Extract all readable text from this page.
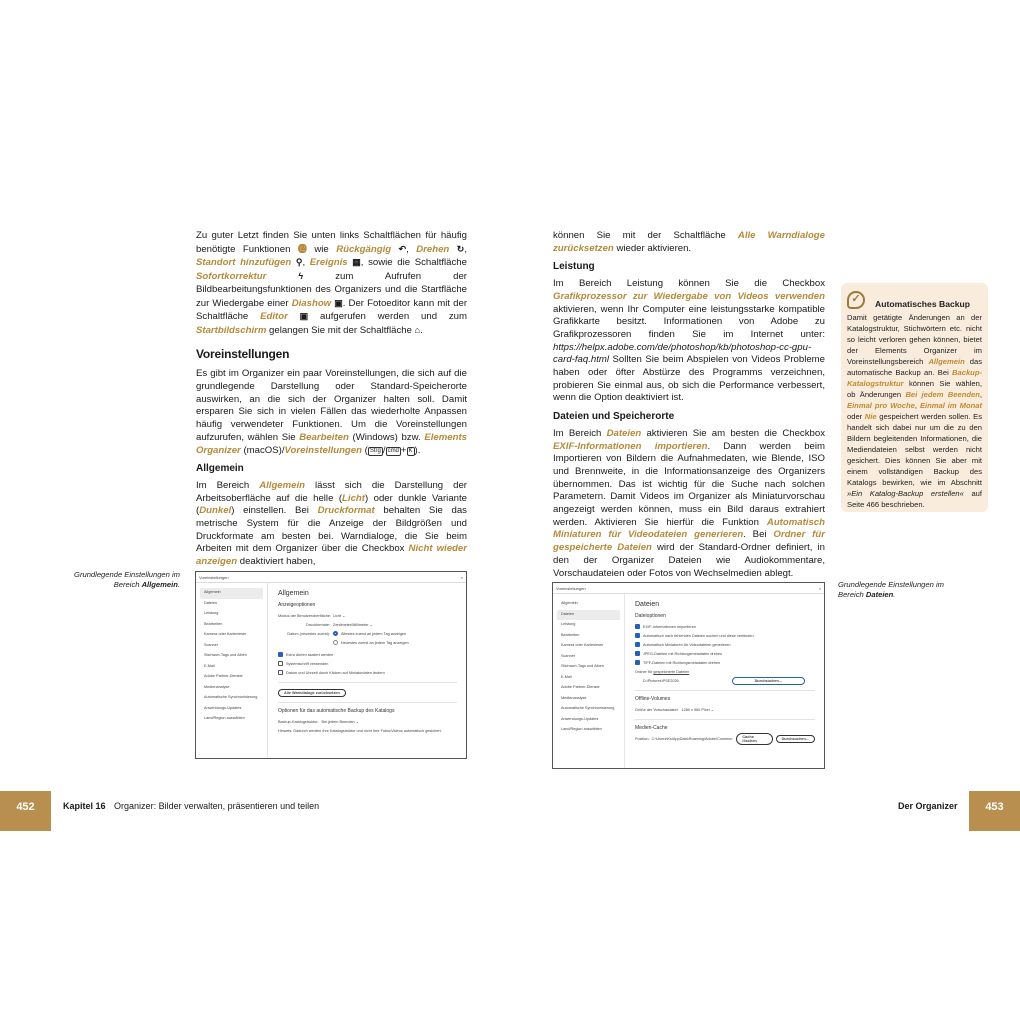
Zu guter Letzt finden Sie unten links Schaltflächen für häufig benötigte Funktionen ⓬ wie Rückgängig ↶, Drehen ↻, Standort hinzufügen ⚲, Ereignis ▦, sowie die Schaltfläche Sofortkorrektur	ϟ zum Aufrufen der Bildbearbeitungsfunktionen des Organizers und die Startfläche zur Wiedergabe einer Diashow ▣. Der Fotoeditor kann mit der Schaltfläche Editor ▣ aufgerufen werden und zum Startbildschirm gelangen Sie mit der Schaltfläche ⌂.

Voreinstellungen

Es gibt im Organizer ein paar Voreinstellungen, die sich auf die grundlegende Darstellung oder Standard-Speicherorte auswirken, an die sich der Organizer halten soll. Damit ersparen Sie sich in vielen Fällen das wiederholte Anpassen häufig verwendeter Funktionen. Um die Voreinstellungen aufzurufen, wählen Sie Bearbeiten (Windows) bzw. Elements Organizer (macOS)/Voreinstellungen ( Strg / cmd + K ).

Allgemein

Im Bereich Allgemein lässt sich die Darstellung der Arbeitsoberfläche auf die helle (Licht) oder dunkle Variante (Dunkel) einstellen. Bei Druckformat behalten Sie das metrische System für die Anzeige der Bildgrößen und Druckformate am besten bei. Warndialoge, die Sie beim Arbeiten mit dem Organizer über die Checkbox Nicht wieder anzeigen deaktiviert haben,

Grundlegende Einstellungen im Bereich Allgemein.
Voreinstellungen	×
Allgemein
Dateien
Leistung
Bearbeiten
Kamera oder Kartenleser
Scanner
Stichwort-Tags und Alben
E-Mail
Adobe Partner-Dienste
Medienanalyse
Automatische Synchronisierung
Anwendungs-Updates
Land/Region auswählen
Allgemein
Anzeigeoptionen
Modus der Benutzeroberfläche: Licht ⌄
Druckformate: Zentimeter/Millimeter ⌄
Datum (neuestes zuerst):	Ältestes zuerst an jedem Tag anzeigen
Neuestes zuerst an jedem Tag anzeigen
Extra dürfen skaliert werden
Systemschrift verwenden
Datum und Uhrzeit durch Klicken auf Miniaturdaten ändern
Alle Warndialoge zurücksetzen
Optionen für das automatische Backup des Katalogs
Backup-Katalogstruktur: Bei jedem Beenden ⌄
Hinweis: Dadurch werden Ihre Katalogstruktur und nicht Ihre Fotos/Videos automatisch gesichert.

können Sie mit der Schaltfläche Alle Warndialoge zurücksetzen wieder aktivieren.

Leistung

Im Bereich Leistung können Sie die Checkbox Grafikprozessor zur Wiedergabe von Videos verwenden aktivieren, wenn Ihr Computer eine leistungsstarke kompatible Grafikkarte besitzt. Informationen von Adobe zu Grafikprozessoren finden Sie im Internet unter: https://helpx.adobe.com/de/photoshop/kb/photoshop-cc-gpu-card-faq.html Sollten Sie beim Abspielen von Videos Probleme haben oder öfter Abstürze des Programms verzeichnen, probieren Sie einmal aus, ob sich die Performance verbessert, wenn die Option deaktiviert ist.

Dateien und Speicherorte

Im Bereich Dateien aktivieren Sie am besten die Checkbox EXIF-Informationen importieren. Dann werden beim Importieren von Bildern die Aufnahmedaten, wie Blende, ISO und Brennweite, in die Informationsanzeige des Organizers übernommen. Das ist wichtig für die Suche nach solchen Parametern. Damit Videos im Organizer als Miniaturvorschau angezeigt werden können, muss ein Bild daraus extrahiert werden. Aktivieren Sie hierfür die Funktion Automatisch Miniaturen für Videodateien generieren. Bei Ordner für gespeicherte Dateien wird der Standard-Ordner definiert, in den der Organizer Dateien wie Audiokommentare, Vorschaudateien oder Fotos von Wechselmedien ablegt.

✓	Automatisches Backup
Damit getätigte Änderungen an der Katalogstruktur, Stichwörtern etc. nicht so leicht verloren gehen können, bietet der Elements Organizer im Voreinstellungsbereich Allgemein das automatische Backup an. Bei Backup-Katalogstruktur können Sie wählen, ob Änderungen Bei jedem Beenden, Einmal pro Woche, Einmal im Monat oder Nie gespeichert werden sollen. Es handelt sich dabei nur um die zu den Bildern begleitenden Informationen, die Mediendateien selbst werden nicht gesichert. Dies können Sie aber mit einem vollständigen Backup des Katalogs bewirken, wie im Abschnitt »Ein Katalog-Backup erstellen« auf Seite 466 beschrieben.
Grundlegende Einstellungen im Bereich Dateien.
Voreinstellungen	×
Allgemein
Dateien
Leistung
Bearbeiten
Kamera oder Kartenleser
Scanner
Stichwort-Tags und Alben
E-Mail
Adobe Partner-Dienste
Medienanalyse
Automatische Synchronisierung
Anwendungs-Updates
Land/Region auswählen
Dateien
Dateioptionen
EXIF-Informationen importieren
Automatisch nach fehlenden Dateien suchen und diese verbinden
Automatisch Miniaturen für Videodateien generieren
JPEG-Dateien mit Richtungsmetadaten drehen
TIFF-Dateien mit Richtungsmetadaten drehen
Ordner für
gespeicherte Dateien
D:\Pictures\PSE2026	Durchsuchen...
Offline-Volumes
Größe der Vorschaudatei: 1280 x 960 Pixel ⌄
Medien-Cache
Position: C:\Users\Ks\AppData\Roaming\Adobe\Common	Cache löschen	Durchsuchen...
452	Kapitel 16 Organizer: Bilder verwalten, präsentieren und teilen	Der Organizer	453
